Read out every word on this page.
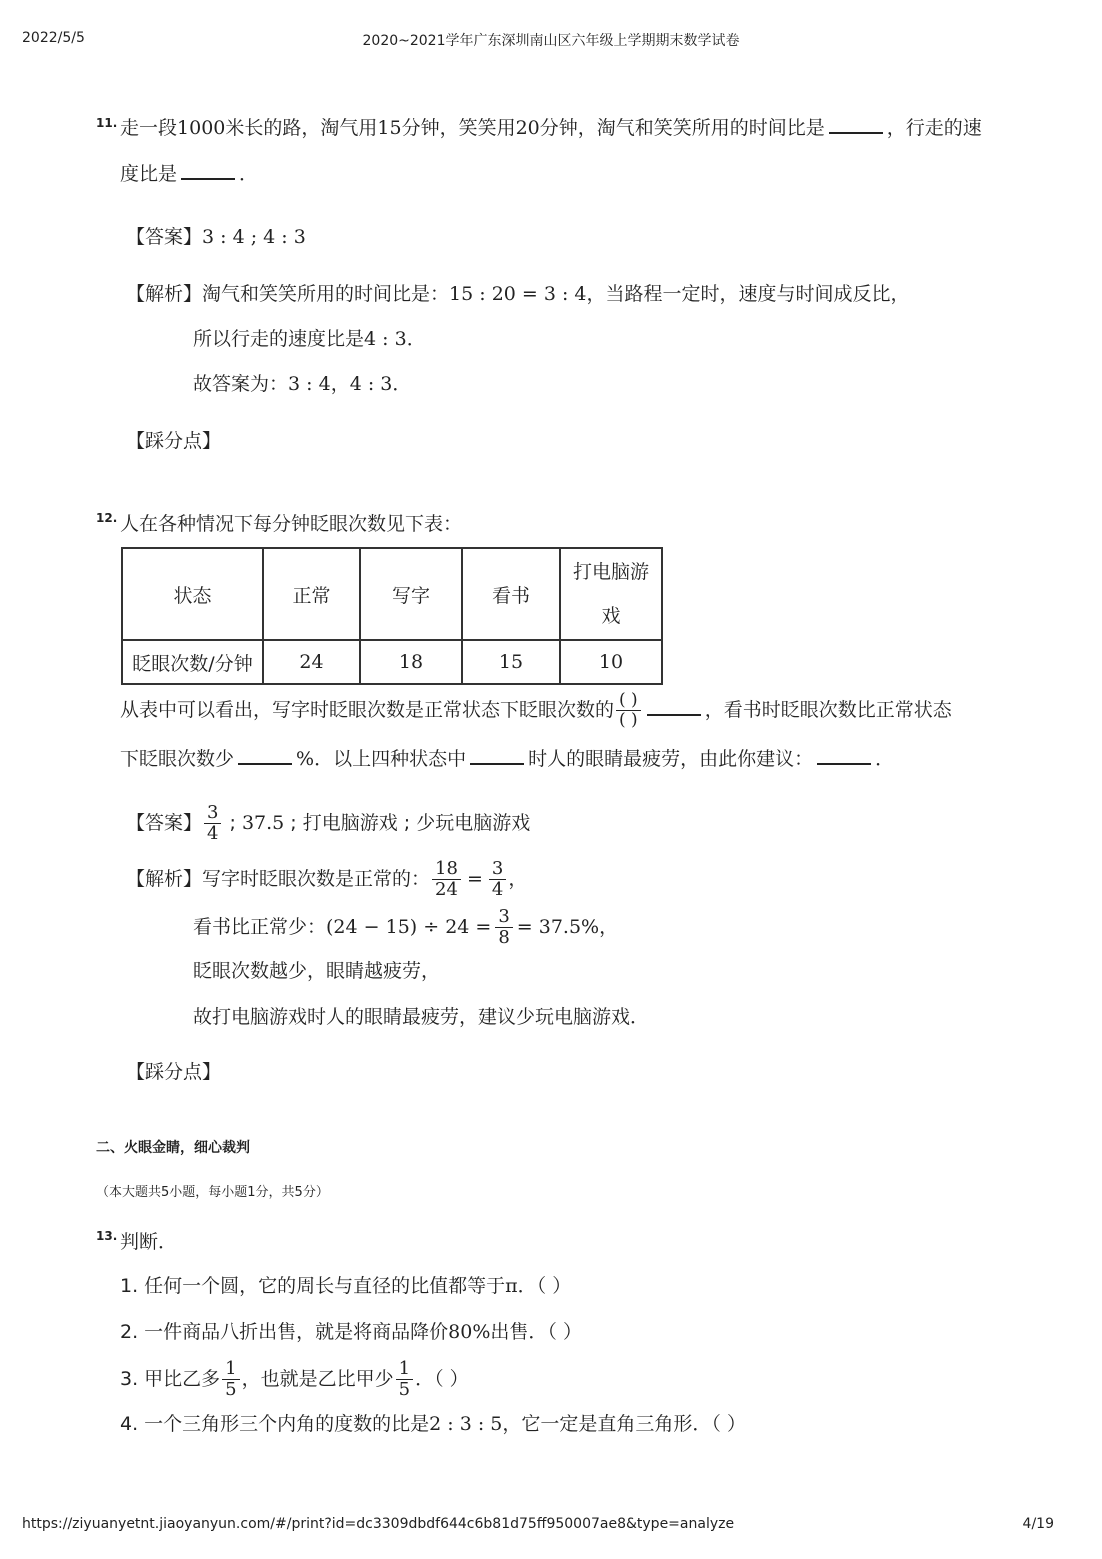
2022/5/5	2020~2021学年广东深圳南山区六年级上学期期末数学试卷
11. 走一段1000米长的路，淘气用15分钟，笑笑用20分钟，淘气和笑笑所用的时间比是	，行走的速
度比是	．
【答案】3 : 4 ; 4 : 3
【解析】淘气和笑笑所用的时间比是：15 : 20 = 3 : 4，当路程一定时，速度与时间成反比，
所以行走的速度比是4 : 3．
故答案为：3 : 4，4 : 3．
【踩分点】
12. 人在各种情况下每分钟眨眼次数见下表：
状态	正常	写字	看书	打电脑游戏
眨眼次数/分钟	24	18	15	10
从表中可以看出，写字时眨眼次数是正常状态下眨眼次数的 $\frac{( )}{( )}$	，看书时眨眼次数比正常状态
下眨眼次数少	%．以上四种状态中	时人的眼睛最疲劳，由此你建议：	．
【答案】 $\frac{3}{4}$ ; 37.5 ; 打电脑游戏 ; 少玩电脑游戏
【解析】写字时眨眼次数是正常的： $\frac{18}{24} = \frac{3}{4}$ ，
看书比正常少：$(24 - 15) \div 24 = \frac{3}{8} = 37.5\%$，
眨眼次数越少，眼睛越疲劳，
故打电脑游戏时人的眼睛最疲劳，建议少玩电脑游戏．
【踩分点】
二、火眼金睛，细心裁判
（本大题共5小题，每小题1分，共5分）
13. 判断．
1. 任何一个圆，它的周长与直径的比值都等于π．（ ）
2. 一件商品八折出售，就是将商品降价80%出售．（ ）
3. 甲比乙多 $\frac{1}{5}$ ，也就是乙比甲少 $\frac{1}{5}$ ．（ ）
4. 一个三角形三个内角的度数的比是2 : 3 : 5，它一定是直角三角形．（ ）
https://ziyuanyetnt.jiaoyanyun.com/#/print?id=dc3309dbdf644c6b81d75ff950007ae8&type=analyze	4/19
